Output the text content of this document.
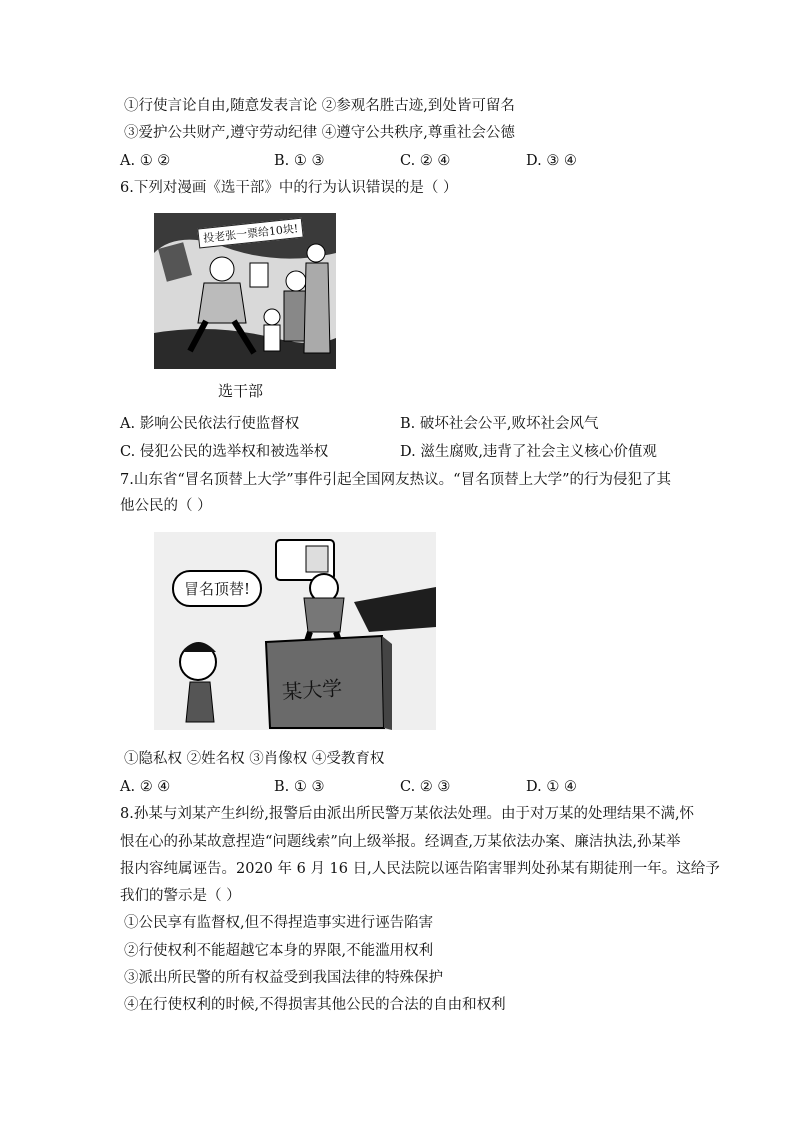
①行使言论自由,随意发表言论 ②参观名胜古迹,到处皆可留名
③爱护公共财产,遵守劳动纪律 ④遵守公共秩序,尊重社会公德
A. ① ②	B. ① ③	C. ② ④	D. ③ ④
6.下列对漫画《选干部》中的行为认识错误的是（ ）
投老张一票给10块!
选干部
A. 影响公民依法行使监督权	B. 破坏社会公平,败坏社会风气
C. 侵犯公民的选举权和被选举权	D. 滋生腐败,违背了社会主义核心价值观
7.山东省“冒名顶替上大学”事件引起全国网友热议。“冒名顶替上大学”的行为侵犯了其
他公民的（ ）
冒名顶替!
某大学
①隐私权 ②姓名权 ③肖像权 ④受教育权
A. ② ④	B. ① ③	C. ② ③	D. ① ④
8.孙某与刘某产生纠纷,报警后由派出所民警万某依法处理。由于对万某的处理结果不满,怀
恨在心的孙某故意捏造“问题线索”向上级举报。经调查,万某依法办案、廉洁执法,孙某举
报内容纯属诬告。2020 年 6 月 16 日,人民法院以诬告陷害罪判处孙某有期徒刑一年。这给予
我们的警示是（ ）
①公民享有监督权,但不得捏造事实进行诬告陷害
②行使权利不能超越它本身的界限,不能滥用权利
③派出所民警的所有权益受到我国法律的特殊保护
④在行使权利的时候,不得损害其他公民的合法的自由和权利
